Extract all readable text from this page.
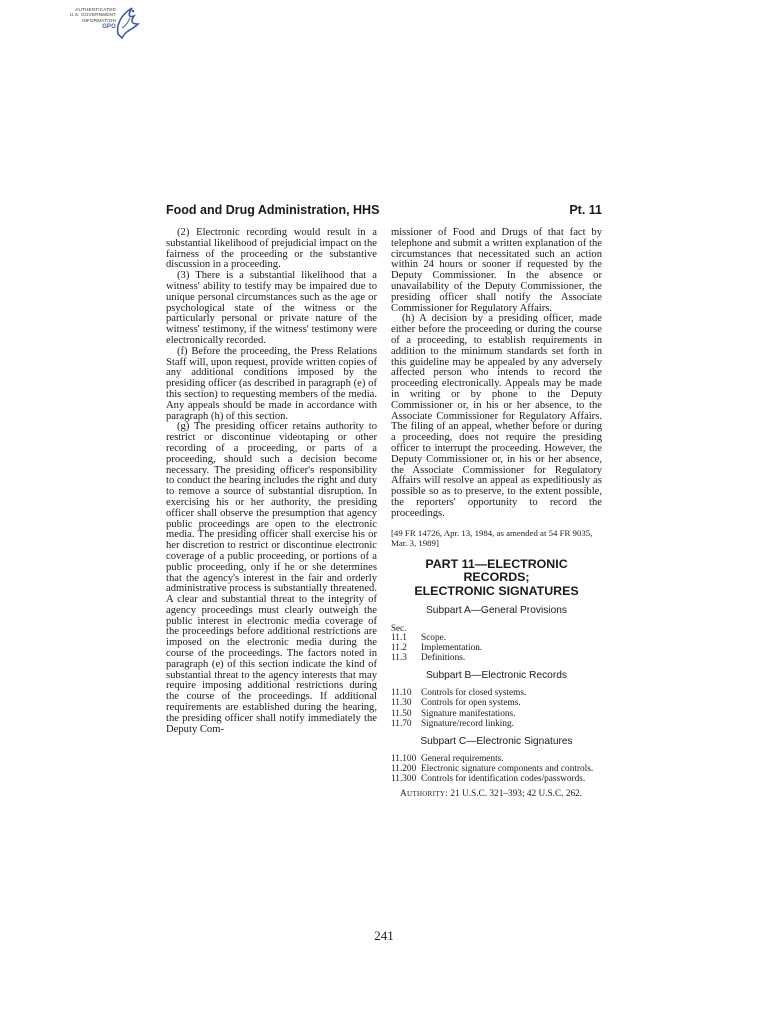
AUTHENTICATED
U.S. GOVERNMENT
INFORMATION
GPO
Food and Drug Administration, HHS	Pt. 11

(2) Electronic recording would result in a substantial likelihood of prejudicial impact on the fairness of the proceeding or the substantive discussion in a proceeding.

(3) There is a substantial likelihood that a witness' ability to testify may be impaired due to unique personal circumstances such as the age or psychological state of the witness or the particularly personal or private nature of the witness' testimony, if the witness' testimony were electronically recorded.

(f) Before the proceeding, the Press Relations Staff will, upon request, provide written copies of any additional conditions imposed by the presiding officer (as described in paragraph (e) of this section) to requesting members of the media. Any appeals should be made in accordance with paragraph (h) of this section.

(g) The presiding officer retains authority to restrict or discontinue videotaping or other recording of a proceeding, or parts of a proceeding, should such a decision become necessary. The presiding officer's responsibility to conduct the hearing includes the right and duty to remove a source of substantial disruption. In exercising his or her authority, the presiding officer shall observe the presumption that agency public proceedings are open to the electronic media. The presiding officer shall exercise his or her discretion to restrict or discontinue electronic coverage of a public proceeding, or portions of a public proceeding, only if he or she determines that the agency's interest in the fair and orderly administrative process is substantially threatened. A clear and substantial threat to the integrity of agency proceedings must clearly outweigh the public interest in electronic media coverage of the proceedings before additional restrictions are imposed on the electronic media during the course of the proceedings. The factors noted in paragraph (e) of this section indicate the kind of substantial threat to the agency interests that may require imposing additional restrictions during the course of the proceedings. If additional requirements are established during the hearing, the presiding officer shall notify immediately the Deputy Com-

missioner of Food and Drugs of that fact by telephone and submit a written explanation of the circumstances that necessitated such an action within 24 hours or sooner if requested by the Deputy Commissioner. In the absence or unavailability of the Deputy Commissioner, the presiding officer shall notify the Associate Commissioner for Regulatory Affairs.

(h) A decision by a presiding officer, made either before the proceeding or during the course of a proceeding, to establish requirements in addition to the minimum standards set forth in this guideline may be appealed by any adversely affected person who intends to record the proceeding electronically. Appeals may be made in writing or by phone to the Deputy Commissioner or, in his or her absence, to the Associate Commissioner for Regulatory Affairs. The filing of an appeal, whether before or during a proceeding, does not require the presiding officer to interrupt the proceeding. However, the Deputy Commissioner or, in his or her absence, the Associate Commissioner for Regulatory Affairs will resolve an appeal as expeditiously as possible so as to preserve, to the extent possible, the reporters' opportunity to record the proceedings.

[49 FR 14726, Apr. 13, 1984, as amended at 54 FR 9035, Mar. 3, 1989]

PART 11—ELECTRONIC RECORDS;
ELECTRONIC SIGNATURES
Subpart A—General Provisions
Sec.
11.1 Scope.
11.2 Implementation.
11.3 Definitions.
Subpart B—Electronic Records
11.10 Controls for closed systems.
11.30 Controls for open systems.
11.50 Signature manifestations.
11.70 Signature/record linking.
Subpart C—Electronic Signatures
11.100 General requirements.
11.200 Electronic signature components and controls.
11.300 Controls for identification codes/passwords.

Authority: 21 U.S.C. 321–393; 42 U.S.C. 262.

241
